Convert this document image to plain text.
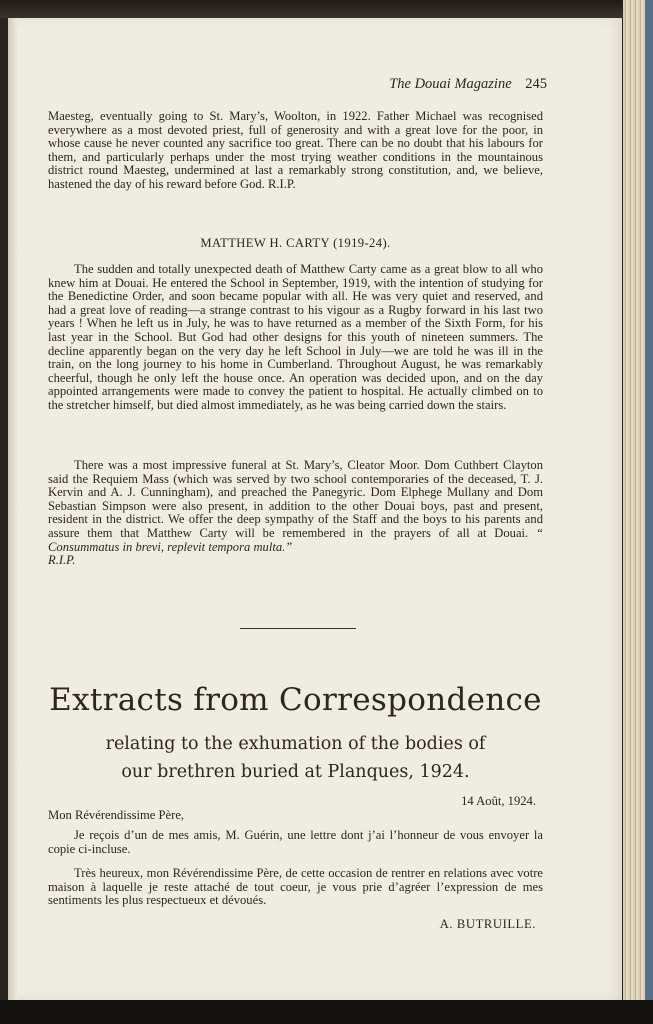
The Douai Magazine 245

Maesteg, eventually going to St. Mary’s, Woolton, in 1922. Father Michael was recognised everywhere as a most devoted priest, full of generosity and with a great love for the poor, in whose cause he never counted any sacrifice too great. There can be no doubt that his labours for them, and particularly perhaps under the most trying weather conditions in the mountainous district round Maesteg, undermined at last a remarkably strong constitution, and, we believe, hastened the day of his reward before God. R.I.P.

MATTHEW H. CARTY (1919-24).

The sudden and totally unexpected death of Matthew Carty came as a great blow to all who knew him at Douai. He entered the School in September, 1919, with the intention of studying for the Benedictine Order, and soon became popular with all. He was very quiet and reserved, and had a great love of reading—a strange contrast to his vigour as a Rugby forward in his last two years ! When he left us in July, he was to have returned as a member of the Sixth Form, for his last year in the School. But God had other designs for this youth of nineteen summers. The decline apparently began on the very day he left School in July—we are told he was ill in the train, on the long journey to his home in Cumberland. Throughout August, he was remarkably cheerful, though he only left the house once. An operation was decided upon, and on the day appointed arrangements were made to convey the patient to hospital. He actually climbed on to the stretcher himself, but died almost immediately, as he was being carried down the stairs.

There was a most impressive funeral at St. Mary’s, Cleator Moor. Dom Cuthbert Clayton said the Requiem Mass (which was served by two school contemporaries of the deceased, T. J. Kervin and A. J. Cunningham), and preached the Panegyric. Dom Elphege Mullany and Dom Sebastian Simpson were also present, in addition to the other Douai boys, past and present, resident in the district. We offer the deep sympathy of the Staff and the boys to his parents and assure them that Matthew Carty will be remembered in the prayers of all at Douai. “ Consummatus in brevi, replevit tempora multa.”
R.I.P.

Extracts from Correspondence
relating to the exhumation of the bodies of
our brethren buried at Planques, 1924.
14 Août, 1924.
Mon Révérendissime Père,

Je reçois d’un de mes amis, M. Guérin, une lettre dont j’ai l’honneur de vous envoyer la copie ci-incluse.

Très heureux, mon Révérendissime Père, de cette occasion de rentrer en relations avec votre maison à laquelle je reste attaché de tout coeur, je vous prie d’agréer l’expression de mes sentiments les plus respectueux et dévoués.

A. BUTRUILLE.
